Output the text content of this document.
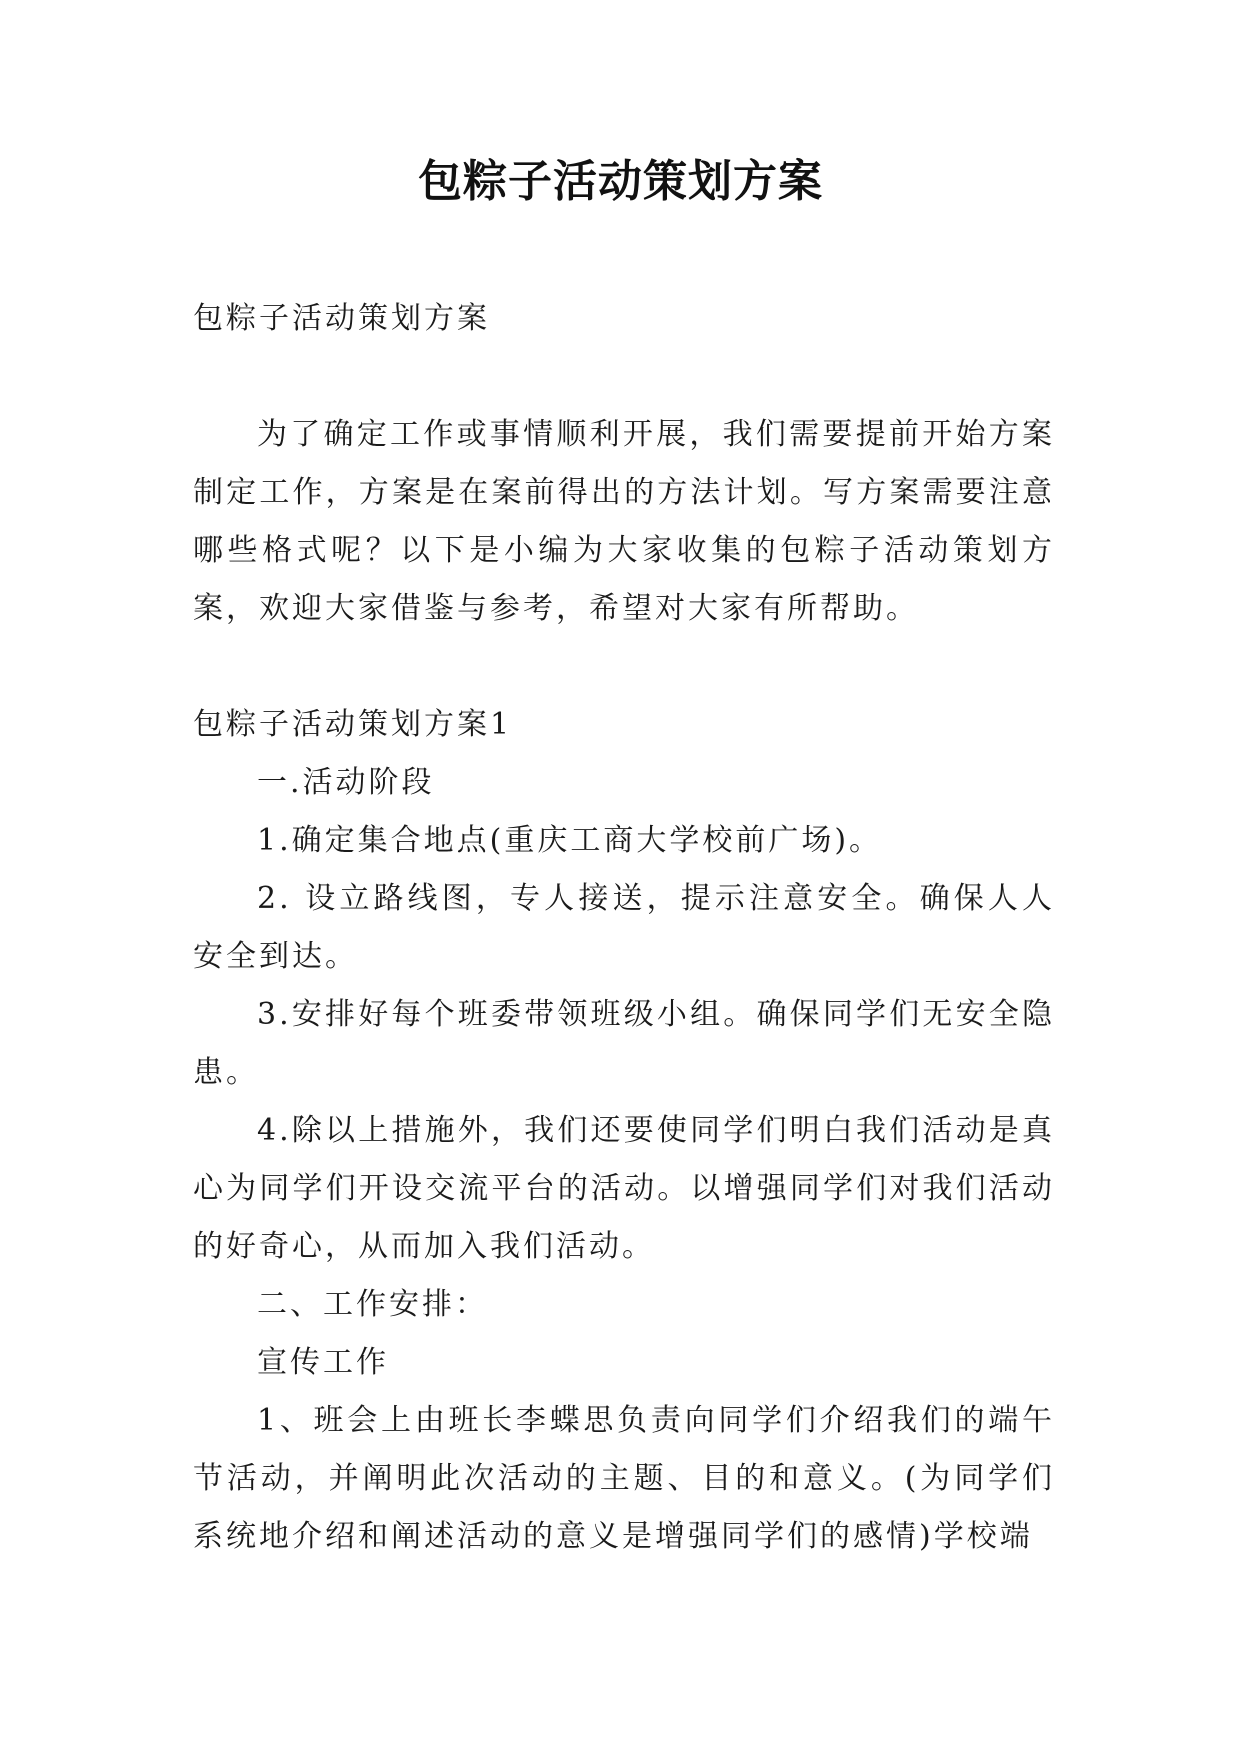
包粽子活动策划方案

包粽子活动策划方案

为了确定工作或事情顺利开展，我们需要提前开始方案制定工作，方案是在案前得出的方法计划。写方案需要注意哪些格式呢？以下是小编为大家收集的包粽子活动策划方案，欢迎大家借鉴与参考，希望对大家有所帮助。

包粽子活动策划方案1

一.活动阶段

1.确定集合地点(重庆工商大学校前广场)。

2. 设立路线图，专人接送，提示注意安全。确保人人安全到达。

3.安排好每个班委带领班级小组。确保同学们无安全隐患。

4.除以上措施外，我们还要使同学们明白我们活动是真心为同学们开设交流平台的活动。以增强同学们对我们活动的好奇心，从而加入我们活动。

二、工作安排：

宣传工作

1、班会上由班长李蝶思负责向同学们介绍我们的端午节活动，并阐明此次活动的主题、目的和意义。(为同学们系统地介绍和阐述活动的意义是增强同学们的感情)学校端
